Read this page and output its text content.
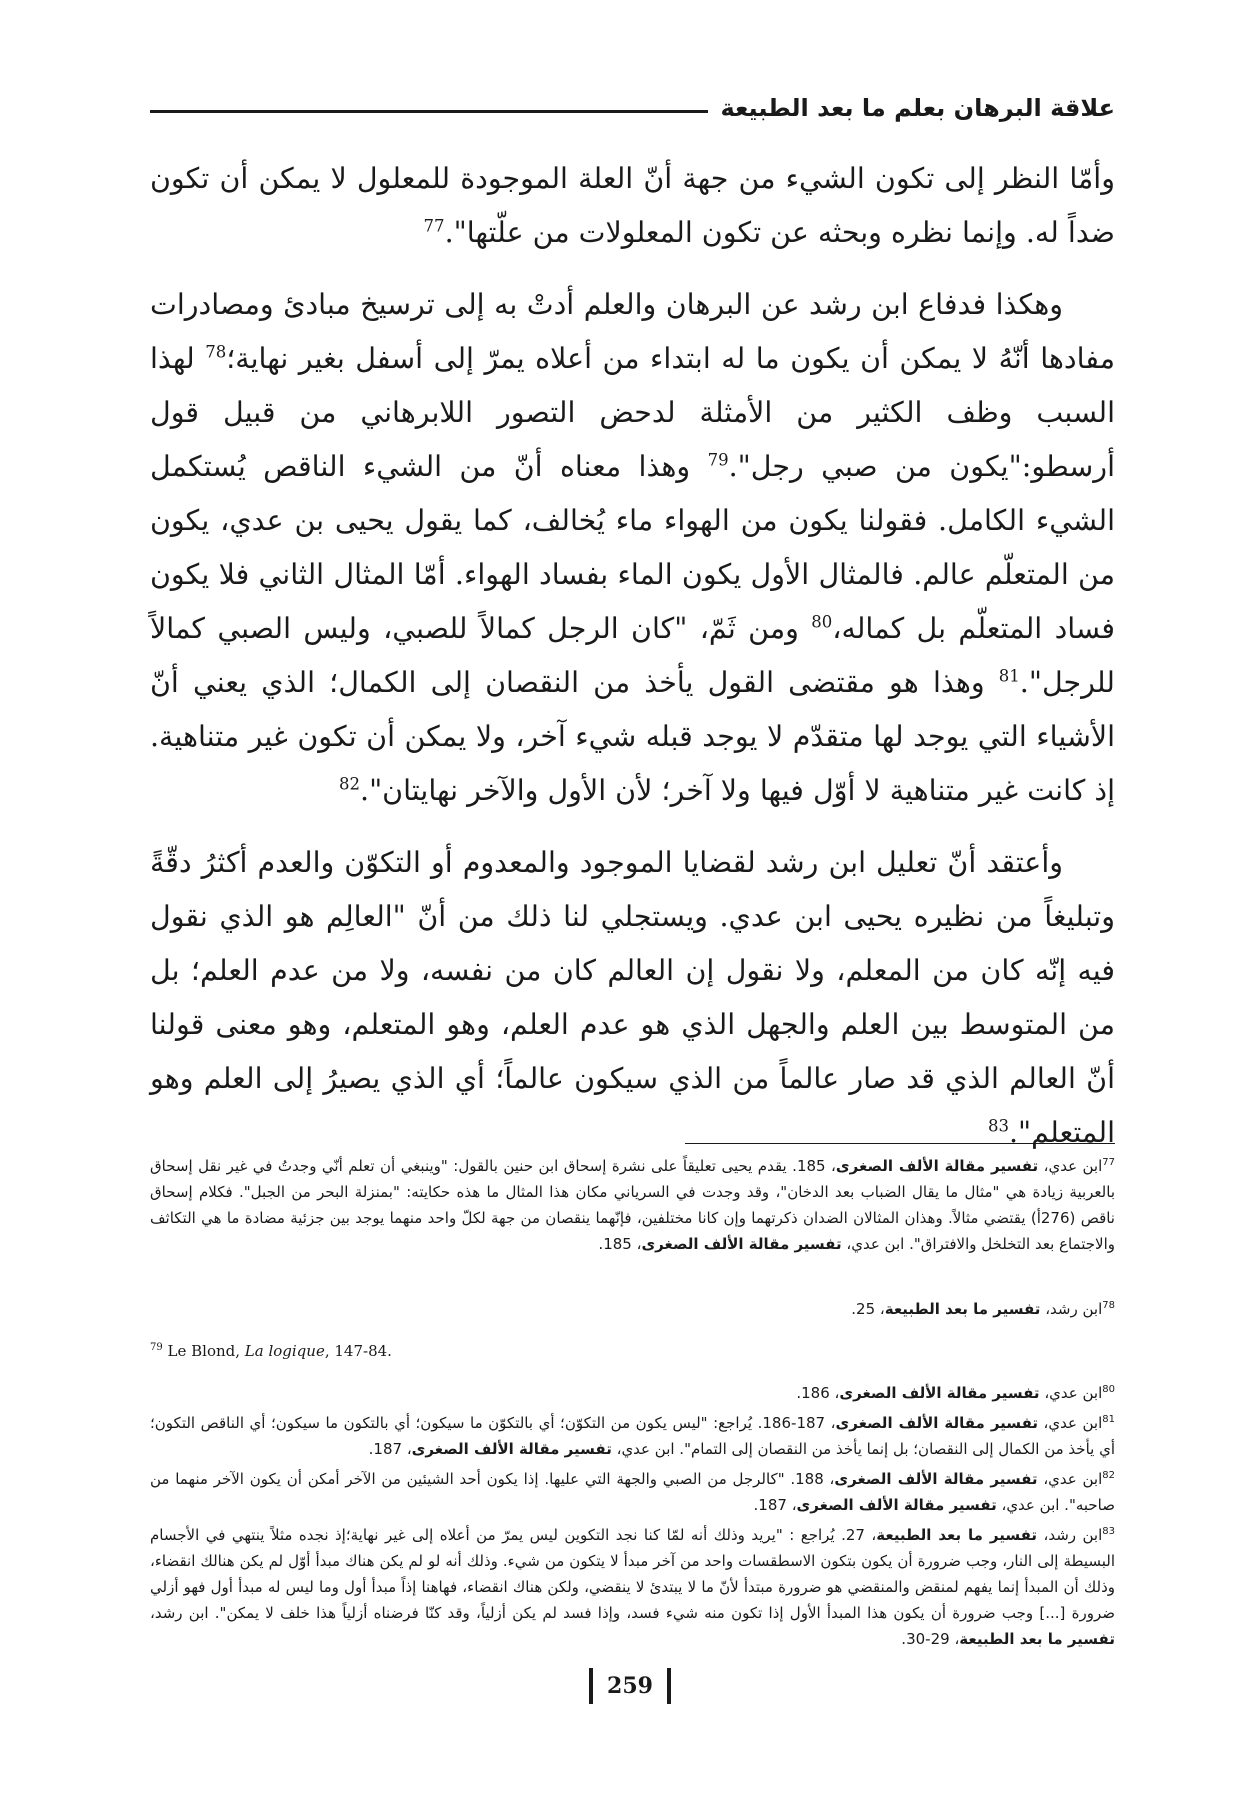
علاقة البرهان بعلم ما بعد الطبيعة

وأمّا النظر إلى تكون الشيء من جهة أنّ العلة الموجودة للمعلول لا يمكن أن تكون ضداً له. وإنما نظره وبحثه عن تكون المعلولات من علّتها".$^{77}$

وهكذا فدفاع ابن رشد عن البرهان والعلم أدتْ به إلى ترسيخ مبادئ ومصادرات مفادها أنّهُ لا يمكن أن يكون ما له ابتداء من أعلاه يمرّ إلى أسفل بغير نهاية؛$^{78}$ لهذا السبب وظف الكثير من الأمثلة لدحض التصور اللابرهاني من قبيل قول أرسطو:"يكون من صبي رجل".$^{79}$ وهذا معناه أنّ من الشيء الناقص يُستكمل الشيء الكامل. فقولنا يكون من الهواء ماء يُخالف، كما يقول يحيى بن عدي، يكون من المتعلّم عالم. فالمثال الأول يكون الماء بفساد الهواء. أمّا المثال الثاني فلا يكون فساد المتعلّم بل كماله،$^{80}$ ومن ثَمّ، "كان الرجل كمالاً للصبي، وليس الصبي كمالاً للرجل".$^{81}$ وهذا هو مقتضى القول يأخذ من النقصان إلى الكمال؛ الذي يعني أنّ الأشياء التي يوجد لها متقدّم لا يوجد قبله شيء آخر، ولا يمكن أن تكون غير متناهية. إذ كانت غير متناهية لا أوّل فيها ولا آخر؛ لأن الأول والآخر نهايتان".$^{82}$

وأعتقد أنّ تعليل ابن رشد لقضايا الموجود والمعدوم أو التكوّن والعدم أكثرُ دقّةً وتبليغاً من نظيره يحيى ابن عدي. ويستجلي لنا ذلك من أنّ "العالِم هو الذي نقول فيه إنّه كان من المعلم، ولا نقول إن العالم كان من نفسه، ولا من عدم العلم؛ بل من المتوسط بين العلم والجهل الذي هو عدم العلم، وهو المتعلم، وهو معنى قولنا أنّ العالم الذي قد صار عالماً من الذي سيكون عالماً؛ أي الذي يصيرُ إلى العلم وهو المتعلم".$^{83}$

$^{77}$ابن عدي، تفسير مقالة الألف الصغرى، 185. يقدم يحيى تعليقاً على نشرة إسحاق ابن حنين بالقول: "وينبغي أن تعلم أنّي وجدتُ في غير نقل إسحاق بالعربية زيادة هي "مثال ما يقال الضباب بعد الدخان"، وقد وجدت في السرياني مكان هذا المثال ما هذه حكايته: "بمنزلة البحر من الجبل". فكلام إسحاق ناقص (276أ) يقتضي مثالاً. وهذان المثالان الضدان ذكرتهما وإن كانا مختلفين، فإنّهما ينقصان من جهة لكلّ واحد منهما يوجد بين جزئية مضادة ما هي التكاثف والاجتماع بعد التخلخل والافتراق". ابن عدي، تفسير مقالة الألف الصغرى، 185.

$^{78}$ابن رشد، تفسير ما بعد الطبيعة، 25.

$^{79}$ Le Blond, La logique, 147-84.

$^{80}$ابن عدي، تفسير مقالة الألف الصغرى، 186.

$^{81}$ابن عدي، تفسير مقالة الألف الصغرى، 187-186. يُراجع: "ليس يكون من التكوّن؛ أي بالتكوّن ما سيكون؛ أي بالتكون ما سيكون؛ أي الناقص التكون؛ أي يأخذ من الكمال إلى النقصان؛ بل إنما يأخذ من النقصان إلى التمام". ابن عدي، تفسير مقالة الألف الصغرى، 187.

$^{82}$ابن عدي، تفسير مقالة الألف الصغرى، 188. "كالرجل من الصبي والجهة التي عليها. إذا يكون أحد الشيئين من الآخر أمكن أن يكون الآخر منهما من صاحبه". ابن عدي، تفسير مقالة الألف الصغرى، 187.

$^{83}$ابن رشد، تفسير ما بعد الطبيعة، 27. يُراجع : "يريد وذلك أنه لمّا كنا نجد التكوين ليس يمرّ من أعلاه إلى غير نهاية؛إذ نجده مثلاً ينتهي في الأجسام البسيطة إلى النار، وجب ضرورة أن يكون بتكون الاسطقسات واحد من آخر مبدأ لا يتكون من شيء. وذلك أنه لو لم يكن هناك مبدأ أوّل لم يكن هنالك انقضاء، وذلك أن المبدأ إنما يفهم لمنقض والمنقضي هو ضرورة مبتدأ لأنّ ما لا يبتدئ لا ينقضي، ولكن هناك انقضاء، فهاهنا إذاً مبدأ أول وما ليس له مبدأ أول فهو أزلي ضرورة [...] وجب ضرورة أن يكون هذا المبدأ الأول إذا تكون منه شيء فسد، وإذا فسد لم يكن أزلياً، وقد كنّا فرضناه أزلياً هذا خلف لا يمكن". ابن رشد، تفسير ما بعد الطبيعة، 29-30.

259
